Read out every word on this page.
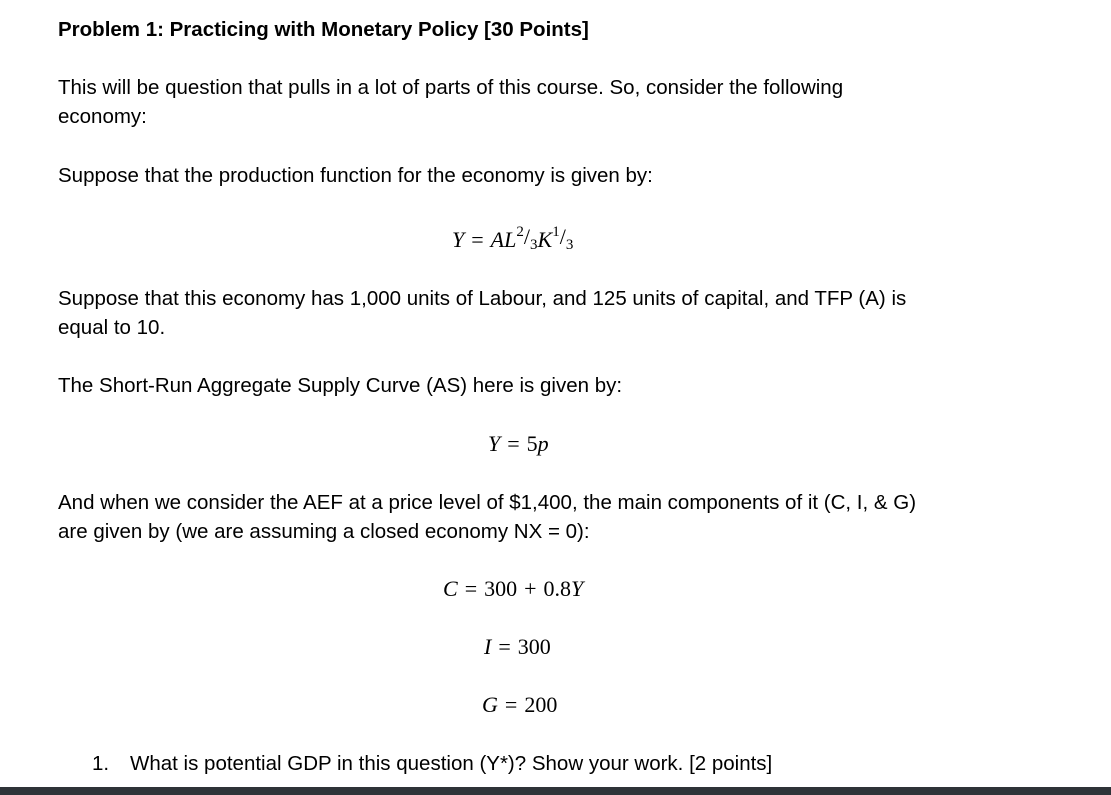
Problem 1: Practicing with Monetary Policy [30 Points]
This will be question that pulls in a lot of parts of this course. So, consider the following
economy:
Suppose that the production function for the economy is given by:
Y = AL2/3K1/3
Suppose that this economy has 1,000 units of Labour, and 125 units of capital, and TFP (A) is
equal to 10.
The Short-Run Aggregate Supply Curve (AS) here is given by:
Y = 5p
And when we consider the AEF at a price level of $1,400, the main components of it (C, I, & G)
are given by (we are assuming a closed economy NX = 0):
C = 300 + 0.8Y
I = 300
G = 200
1. What is potential GDP in this question (Y*)? Show your work. [2 points]
